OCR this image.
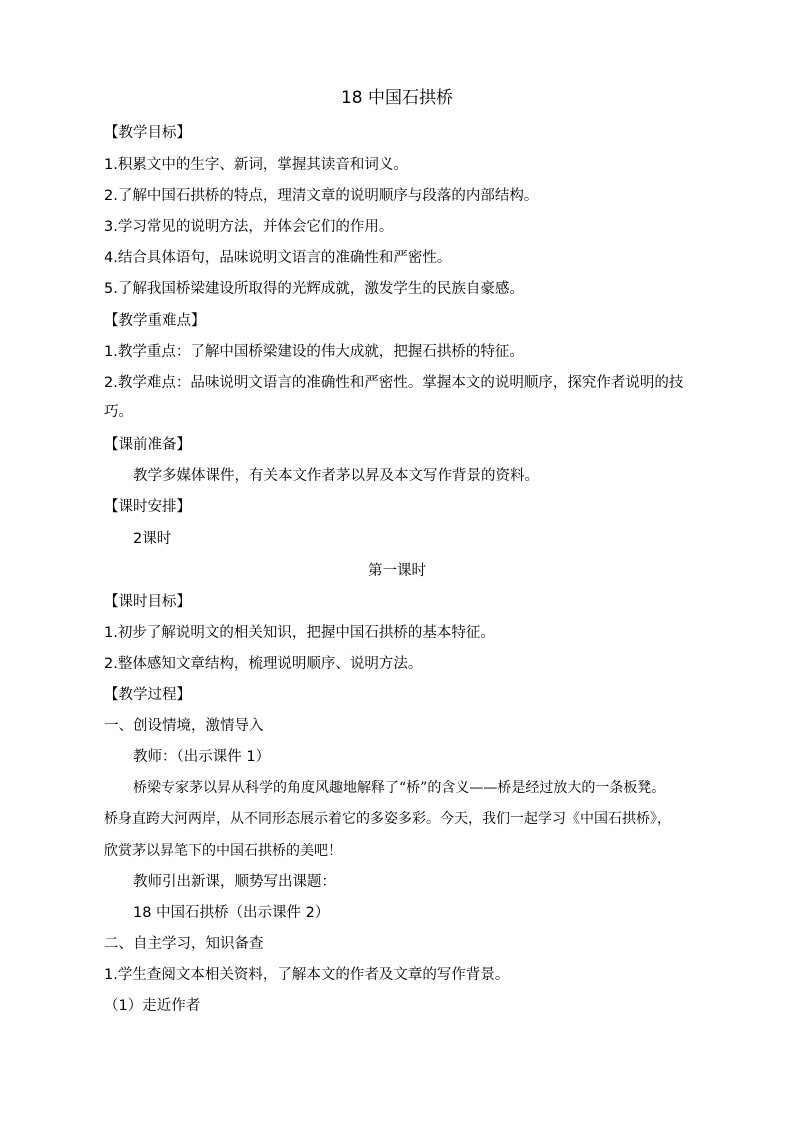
18 中国石拱桥
【教学目标】
1.积累文中的生字、新词，掌握其读音和词义。
2.了解中国石拱桥的特点，理清文章的说明顺序与段落的内部结构。
3.学习常见的说明方法，并体会它们的作用。
4.结合具体语句，品味说明文语言的准确性和严密性。
5.了解我国桥梁建设所取得的光辉成就，激发学生的民族自豪感。
【教学重难点】
1.教学重点：了解中国桥梁建设的伟大成就，把握石拱桥的特征。
2.教学难点：品味说明文语言的准确性和严密性。掌握本文的说明顺序，探究作者说明的技
巧。
【课前准备】
教学多媒体课件，有关本文作者茅以昇及本文写作背景的资料。
【课时安排】
2课时
第一课时
【课时目标】
1.初步了解说明文的相关知识，把握中国石拱桥的基本特征。
2.整体感知文章结构，梳理说明顺序、说明方法。
【教学过程】
一、创设情境，激情导入
教师：（出示课件 1）
桥梁专家茅以昇从科学的角度风趣地解释了“桥”的含义——桥是经过放大的一条板凳。
桥身直跨大河两岸，从不同形态展示着它的多姿多彩。今天，我们一起学习《中国石拱桥》，
欣赏茅以昇笔下的中国石拱桥的美吧！
教师引出新课，顺势写出课题：
18 中国石拱桥（出示课件 2）
二、自主学习，知识备查
1.学生查阅文本相关资料，了解本文的作者及文章的写作背景。
（1）走近作者
